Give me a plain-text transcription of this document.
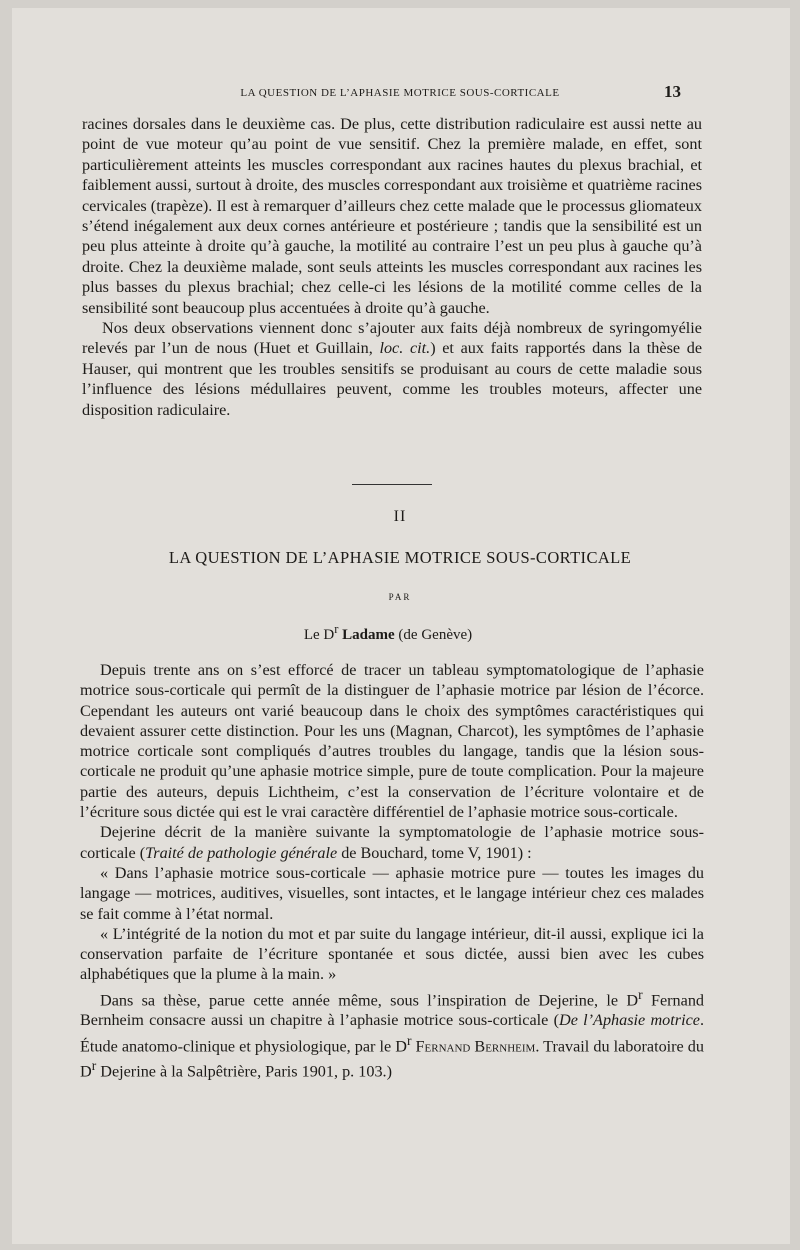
LA QUESTION DE L’APHASIE MOTRICE SOUS-CORTICALE	13

racines dorsales dans le deuxième cas. De plus, cette distribution radiculaire est aussi nette au point de vue moteur qu’au point de vue sensitif. Chez la première malade, en effet, sont particulièrement atteints les muscles correspondant aux racines hautes du plexus brachial, et faiblement aussi, surtout à droite, des muscles correspondant aux troisième et quatrième racines cervicales (trapèze). Il est à remarquer d’ailleurs chez cette malade que le processus gliomateux s’étend inégalement aux deux cornes antérieure et postérieure ; tandis que la sensibilité est un peu plus atteinte à droite qu’à gauche, la motilité au contraire l’est un peu plus à gauche qu’à droite. Chez la deuxième malade, sont seuls atteints les muscles correspondant aux racines les plus basses du plexus brachial; chez celle-ci les lésions de la motilité comme celles de la sensibilité sont beaucoup plus accentuées à droite qu’à gauche.

Nos deux observations viennent donc s’ajouter aux faits déjà nombreux de syringomyélie relevés par l’un de nous (Huet et Guillain, loc. cit.) et aux faits rapportés dans la thèse de Hauser, qui montrent que les troubles sensitifs se produisant au cours de cette maladie sous l’influence des lésions médullaires peuvent, comme les troubles moteurs, affecter une disposition radiculaire.

II
LA QUESTION DE L’APHASIE MOTRICE SOUS-CORTICALE
PAR
Le $D^r$ Ladame (de Genève)

Depuis trente ans on s’est efforcé de tracer un tableau symptomatologique de l’aphasie motrice sous-corticale qui permît de la distinguer de l’aphasie motrice par lésion de l’écorce. Cependant les auteurs ont varié beaucoup dans le choix des symptômes caractéristiques qui devaient assurer cette distinction. Pour les uns (Magnan, Charcot), les symptômes de l’aphasie motrice corticale sont compliqués d’autres troubles du langage, tandis que la lésion sous-corticale ne produit qu’une aphasie motrice simple, pure de toute complication. Pour la majeure partie des auteurs, depuis Lichtheim, c’est la conservation de l’écriture volontaire et de l’écriture sous dictée qui est le vrai caractère différentiel de l’aphasie motrice sous-corticale.

Dejerine décrit de la manière suivante la symptomatologie de l’aphasie motrice sous-corticale (Traité de pathologie générale de Bouchard, tome V, 1901) :

« Dans l’aphasie motrice sous-corticale — aphasie motrice pure — toutes les images du langage — motrices, auditives, visuelles, sont intactes, et le langage intérieur chez ces malades se fait comme à l’état normal.

« L’intégrité de la notion du mot et par suite du langage intérieur, dit-il aussi, explique ici la conservation parfaite de l’écriture spontanée et sous dictée, aussi bien avec les cubes alphabétiques que la plume à la main. »

Dans sa thèse, parue cette année même, sous l’inspiration de Dejerine, le $D^r$ Fernand Bernheim consacre aussi un chapitre à l’aphasie motrice sous-corticale (De l’Aphasie motrice. Étude anatomo-clinique et physiologique, par le $D^r$ Fernand Bernheim. Travail du laboratoire du $D^r$ Dejerine à la Salpêtrière, Paris 1901, p. 103.)
